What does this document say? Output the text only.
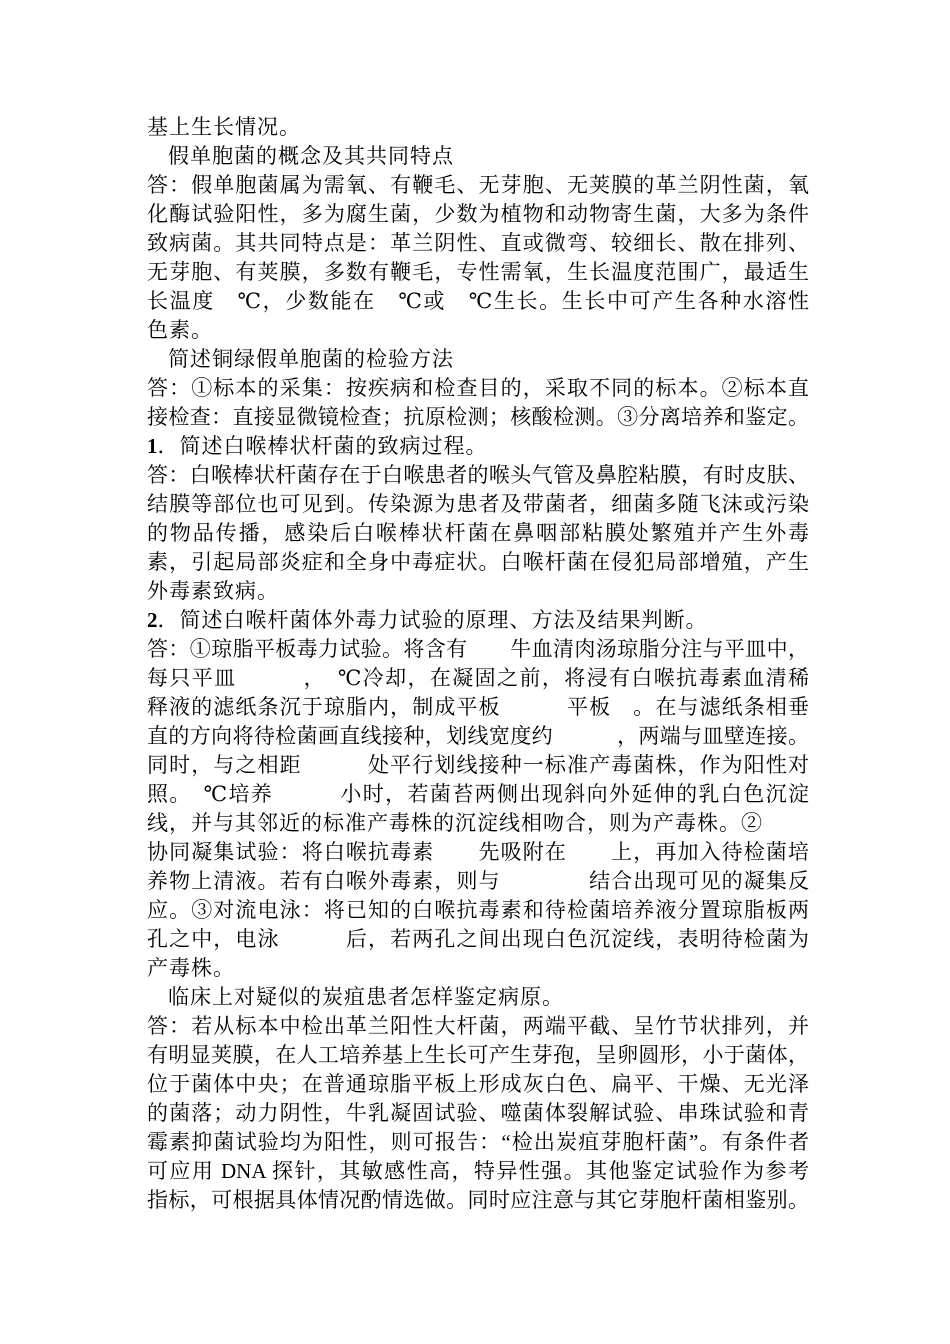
基上生长情况。
假单胞菌的概念及其共同特点
答：假单胞菌属为需氧、有鞭毛、无芽胞、无荚膜的革兰阴性菌，氧
化酶试验阳性，多为腐生菌，少数为植物和动物寄生菌，大多为条件
致病菌。其共同特点是：革兰阴性、直或微弯、较细长、散在排列、
无芽胞、有荚膜，多数有鞭毛，专性需氧，生长温度范围广，最适生
长温度　℃，少数能在　℃或　℃生长。生长中可产生各种水溶性
色素。
简述铜绿假单胞菌的检验方法
答：①标本的采集：按疾病和检查目的，采取不同的标本。②标本直
接检查：直接显微镜检查；抗原检测；核酸检测。③分离培养和鉴定。
1．简述白喉棒状杆菌的致病过程。
答：白喉棒状杆菌存在于白喉患者的喉头气管及鼻腔粘膜，有时皮肤、
结膜等部位也可见到。传染源为患者及带菌者，细菌多随飞沫或污染
的物品传播，感染后白喉棒状杆菌在鼻咽部粘膜处繁殖并产生外毒
素，引起局部炎症和全身中毒症状。白喉杆菌在侵犯局部增殖，产生
外毒素致病。
2．简述白喉杆菌体外毒力试验的原理、方法及结果判断。
答：①琼脂平板毒力试验。将含有　　牛血清肉汤琼脂分注与平皿中，
每只平皿　　　，　℃冷却，在凝固之前，将浸有白喉抗毒素血清稀
释液的滤纸条沉于琼脂内，制成平板　　　平板　。在与滤纸条相垂
直的方向将待检菌画直线接种，划线宽度约　　　，两端与皿壁连接。
同时，与之相距　　　处平行划线接种一标准产毒菌株，作为阳性对
照。　℃培养　　　小时，若菌苔两侧出现斜向外延伸的乳白色沉淀
线，并与其邻近的标准产毒株的沉淀线相吻合，则为产毒株。②
协同凝集试验：将白喉抗毒素　　先吸附在　　上，再加入待检菌培
养物上清液。若有白喉外毒素，则与　　　　结合出现可见的凝集反
应。③对流电泳：将已知的白喉抗毒素和待检菌培养液分置琼脂板两
孔之中，电泳　　　后，若两孔之间出现白色沉淀线，表明待检菌为
产毒株。
临床上对疑似的炭疽患者怎样鉴定病原。
答：若从标本中检出革兰阳性大杆菌，两端平截、呈竹节状排列，并
有明显荚膜，在人工培养基上生长可产生芽孢，呈卵圆形，小于菌体，
位于菌体中央；在普通琼脂平板上形成灰白色、扁平、干燥、无光泽
的菌落；动力阴性，牛乳凝固试验、噬菌体裂解试验、串珠试验和青
霉素抑菌试验均为阳性，则可报告：“检出炭疽芽胞杆菌”。有条件者
可应用 DNA 探针，其敏感性高，特异性强。其他鉴定试验作为参考
指标，可根据具体情况酌情选做。同时应注意与其它芽胞杆菌相鉴别。
